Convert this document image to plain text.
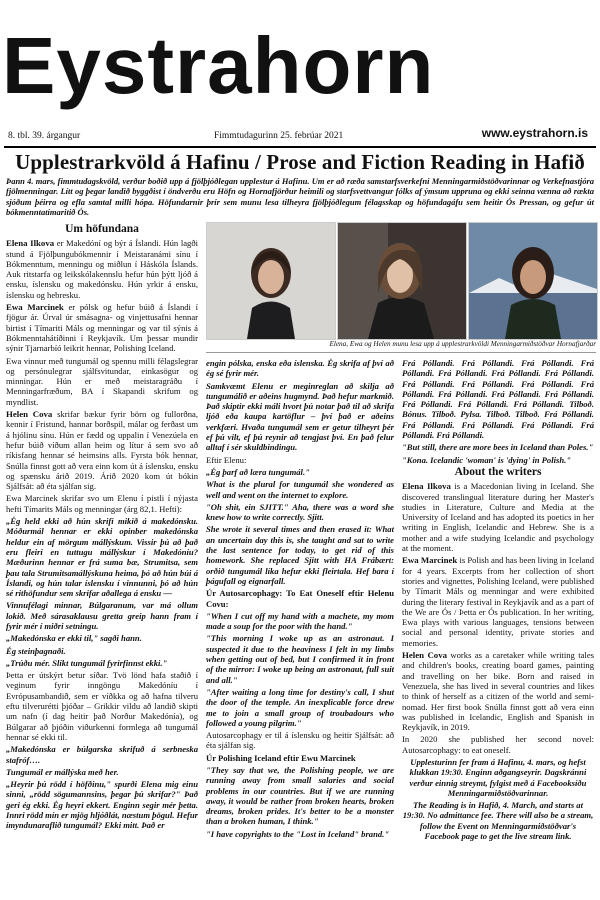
Eystrahorn
8. tbl. 39. árgangur	Fimmtudagurinn 25. febrúar 2021	www.eystrahorn.is
Upplestrarkvöld á Hafinu / Prose and Fiction Reading in Hafið
Þann 4. mars, fimmtudagskvöld, verður boðið upp á fjölþjóðlegan upplestur á Hafinu. Um er að ræða samstarfsverkefni Menningarmiðstöðvarinnar og Verkefnastjóra fjölmenningar. Lítt og þegar landið byggðist í öndverðu eru Höfn og Hornafjörður heimili og starfsvettvangur fólks af ýmsum uppruna og ekki seinna vænna að rækta sjóðum þéirra og efla samtal milli hópa. Höfundarnir þrír sem munu lesa tilheyra fjölþjóðlegum félagsskap og höfundagáfu sem heitir Ós Pressan, og gefur út bókmenntatímaritið Ós.
Um höfundana

Elena Ilkova er Makedóní og býr á Íslandi. Hún lagði stund á Fjölþungubókmennir í Meistaranámi sínu í Bókmenntum, menningu og miðlun í Háskóla Íslands. Auk ritstarfa og leikskólakennslu hefur hún þýtt ljóð á ensku, íslensku og makedónsku. Hún yrkir á ensku, íslensku og hebresku.

Ewa Marcinek er pólsk og hefur búið á Íslandi í fjögur ár. Úrval úr smásagna- og vinjettusafni hennar birtist í Tímariti Máls og menningar og var til sýnis á Bókmenntahátíðinni í Reykjavík. Um þessar mundir sýnir Tjarnarbíó leikrit hennar, Polishing Iceland.

Ewa vinnur með tungumál og spennu milli félagslegrar og persónulegrar sjálfsvitundar, einkasögur og minningar. Hún er með meistaragráðu í Menningarfræðum, BA í Skapandi skrifum og myndlist.

Helen Cova skrifar bækur fyrir börn og fullorðna, kennir í Fristund, hannar borðspil, málar og ferðast um á hjólinu sínu. Hún er fædd og uppalin í Venezúela en hefur búið víðum allan heim og lítur á sem svo að ríkisfang hennar sé heimsins alls. Fyrsta bók hennar, Snúlla finnst gott að vera einn kom út á íslensku, ensku og spænsku árið 2019. Árið 2020 kom út bókin Sjálfsát: að éta sjálfan sig.

Ewa Marcinek skrifar svo um Elenu í pistli í nýjasta hefti Tímarits Máls og menningar (árg 82,1. Hefti):

„Ég held ekki að hún skrifi mikið á makedónsku. Móðurmál hennar er ekki opinber makedónska heldur ein af mörgum mállýskum. Vissir þú að það eru fleiri en tuttugu mállýskur í Makedóníu? Mæðurinn hennar er frá suma bæ, Strumitsa, sem þau tala Strumitsamállýskuna heima, þó að hún búi á Íslandi, og hún talar íslensku í vinnunni, þó að hún sé rithöfundur sem skrifar aðallega á ensku —

Vinnufélagi minnar, Búlgaranum, var má ollum lokið. Með sárasaklausu gretta greip hann fram í fyrir mér í miðri setningu.

„Makedónska er ekki til," sagði hann.

Ég steinþagnaði.

„Trúðu mér. Slíkt tungumál fyrirfinnst ekki."

Þetta er útskýrt betur síðar. Tvö lönd hafa staðið í veginum fyrir inngöngu Makedóníu í Evrópusambandið, sem er víðkka og að hafna tilveru eftu tilverurétti þjóðar – Grikkir vildu að landið skipti um nafn (í dag heitir það Norður Makedónía), og Búlgarar að þjóðin viðurkenni formlega að tungumál hennar sé ekki til.

„Makedónska er búlgarska skrifuð á serbneska stafróf….

Tungumál er mállýska með her.

„Heyrir þú rödd í höfðinu," spurði Elena mig einu sinni, „rödd sögumannsins, þegar þú skrifar?" Það geri ég ekki. Ég heyri ekkert. Enginn segir mér þetta. Innri rödd mín er mjög hljóðlát, næstum þögul. Hefur ímyndunaraflið tungumál? Ekki mitt. Það er

Elena, Ewa og Helen munu lesa upp á upplestrarkvöldi Menningarmiðstöðvar Hornafjarðar

engin pólska, enska eða íslenska. Ég skrifa af því að ég sé fyrir mér.

Samkvæmt Elenu er meginreglan að skilja að tungumálið er aðeins hugmynd. Það hefur markmið. Það skiptir ekki máli hvort þú notar það til að skrifa ljóð eða kaupa kartöflur – því það er aðeins verkfæri. Hvaða tungumál sem er getur tilheyrt þér ef þú vilt, ef þú reynir að tengjast því. En það felur alltaf í sér skuldbindingu.

Eftir Elenu:

„Ég þarf að læra tungumál."

What is the plural for tungumál she wondered as well and went on the internet to explore.

"Oh shit, ein SJITT." Aha, there was a word she knew how to write correctly. Sjitt.

She wrote it several times and then erased it: What an uncertain day this is, she taught and sat to write the last sentence for today, to get rid of this homework. She replaced Sjitt with HA Frábært: orðið tungumál líka hefur ekki fleirtala. Hef bara í þágufall og eignarfall.

Úr Autosarcophagy: To Eat Oneself eftir Helenu Covu:

"When I cut off my hand with a machete, my mom made a soup for the poor with the hand."

"This morning I woke up as an astronaut. I suspected it due to the heaviness I felt in my limbs when getting out of bed, but I confirmed it in front of the mirror: I woke up being an astronaut, full suit and all."

"After waiting a long time for destiny's call, I shut the door of the temple. An inexplicable force drew me to join a small group of troubadours who followed a young pilgrim."

Autosarcophagy er til á íslensku og heitir Sjálfsát: að éta sjálfan sig.

Úr Polishing Iceland eftir Ewu Marcinek

"They say that we, the Polishing people, we are running away from small salaries and social problems in our countries. But if we are running away, it would be rather from broken hearts, broken dreams, broken prides. It's better to be a monster than a broken human, I think."

"I have copyrights to the "Lost in Iceland" brand."

Frá Póllandi. Frá Póllandi. Frá Póllandi. Frá Póllandi. Frá Póllandi. Frá Póllandi. Frá Póllandi. Frá Póllandi. Frá Póllandi. Frá Póllandi. Frá Póllandi. Frá Póllandi. Frá Póllandi. Frá Póllandi. Frá Póllandi. Frá Póllandi. Frá Póllandi. Tilboð. Bónus. Tilboð. Pylsa. Tilboð. Tilboð. Frá Póllandi. Frá Póllandi. Frá Póllandi. Frá Póllandi. Frá Póllandi. Frá Póllandi.

"But still, there are more bees in Iceland than Poles."

"Kona. Icelandic 'woman' is 'dying' in Polish."

About the writers

Elena Ilkova is a Macedonian living in Iceland. She discovered translingual literature during her Master's studies in Literature, Culture and Media at the University of Iceland and has adopted its poetics in her writing in English, Icelandic and Hebrew. She is a mother and a wife studying Icelandic and psychology at the moment.

Ewa Marcinek is Polish and has been living in Iceland for 4 years. Excerpts from her collection of short stories and vignettes, Polishing Iceland, were published by Tímarit Máls og menningar and were exhibited during the literary festival in Reykjavík and as a part of the We are Ós / Þetta er Ós publication. In her writing, Ewa plays with various languages, tensions between social and personal identity, private stories and memories.

Helen Cova works as a caretaker while writing tales and children's books, creating board games, painting and travelling on her bike. Born and raised in Venezuela, she has lived in several countries and likes to think of herself as a citizen of the world and semi-nomad. Her first book Snúlla finnst gott að vera einn was published in Icelandic, English and Spanish in Reykjavík, in 2019.

In 2020 she published her second novel: Autosarcophagy: to eat oneself.

Upplesturinn fer fram á Hafinu, 4. mars, og hefst klukkan 19:30. Enginn aðgangseyrir. Dagskránni verður einnig streymt, fylgist með á Facebooksíðu Menningarmiðstöðvarinnar.

The Reading is in Hafið, 4. March, and starts at 19:30. No admittance fee. There will also be a stream, follow the Event on Menningarmiðstöðvar's Facebook page to get the live stream link.
